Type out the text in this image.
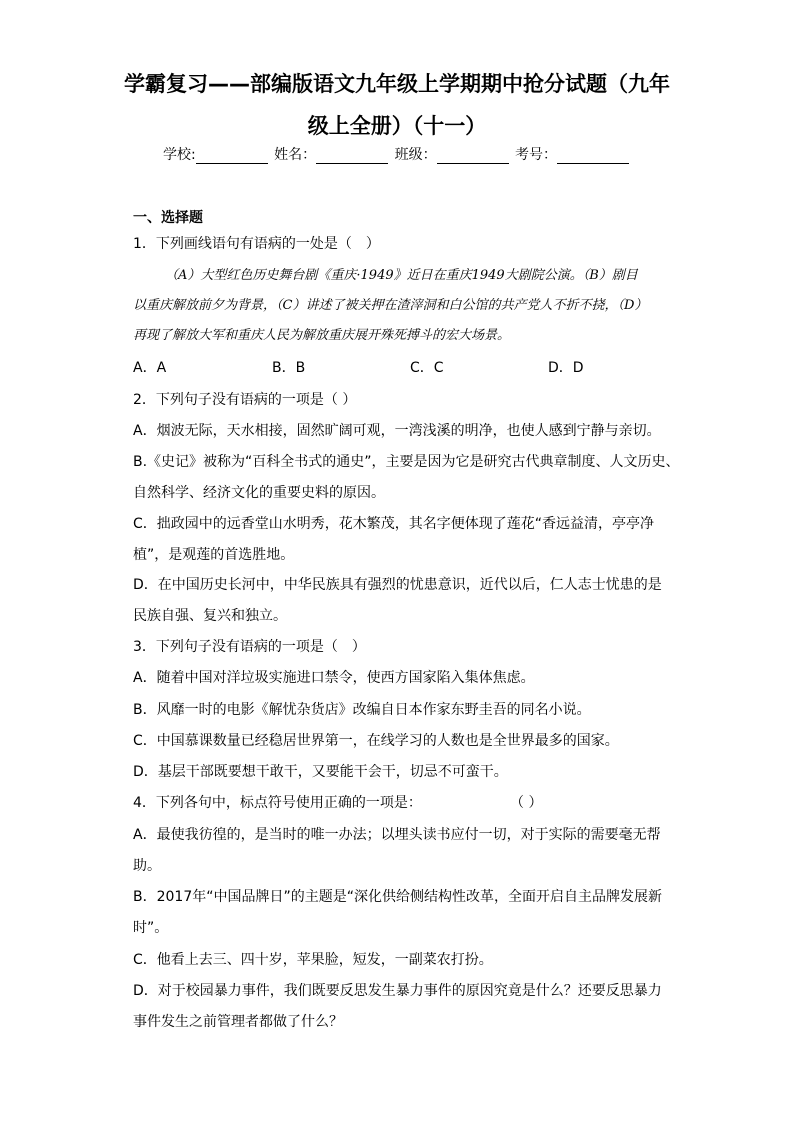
学霸复习——部编版语文九年级上学期期中抢分试题（九年
级上全册）（十一）
学校:	姓名：	班级：	考号：
一、选择题
1．下列画线语句有语病的一处是（　）
（A）大型红色历史舞台剧《重庆·1949》近日在重庆1949大剧院公演。（B）剧目
以重庆解放前夕为背景，（C）讲述了被关押在渣滓洞和白公馆的共产党人不折不挠，（D）
再现了解放大军和重庆人民为解放重庆展开殊死搏斗的宏大场景。
A．A	B．B	C．C	D．D
2．下列句子没有语病的一项是（ ）
A．烟波无际，天水相接，固然旷阔可观，一湾浅溪的明净，也使人感到宁静与亲切。
B.《史记》被称为“百科全书式的通史”，主要是因为它是研究古代典章制度、人文历史、
自然科学、经济文化的重要史料的原因。
C．拙政园中的远香堂山水明秀，花木繁茂，其名字便体现了莲花“香远益清，亭亭净
植”，是观莲的首选胜地。
D．在中国历史长河中，中华民族具有强烈的忧患意识，近代以后，仁人志士忧患的是
民族自强、复兴和独立。
3．下列句子没有语病的一项是（　）
A．随着中国对洋垃圾实施进口禁令，使西方国家陷入集体焦虑。
B．风靡一时的电影《解忧杂货店》改编自日本作家东野圭吾的同名小说。
C．中国慕课数量已经稳居世界第一，在线学习的人数也是全世界最多的国家。
D．基层干部既要想干敢干，又要能干会干，切忌不可蛮干。
4．下列各句中，标点符号使用正确的一项是：	（ ）
A．最使我彷徨的，是当时的唯一办法；以埋头读书应付一切，对于实际的需要毫无帮
助。
B．2017年“中国品牌日”的主题是“深化供给侧结构性改革，全面开启自主品牌发展新
时”。
C．他看上去三、四十岁，苹果脸，短发，一副菜农打扮。
D．对于校园暴力事件，我们既要反思发生暴力事件的原因究竟是什么？还要反思暴力
事件发生之前管理者都做了什么？
